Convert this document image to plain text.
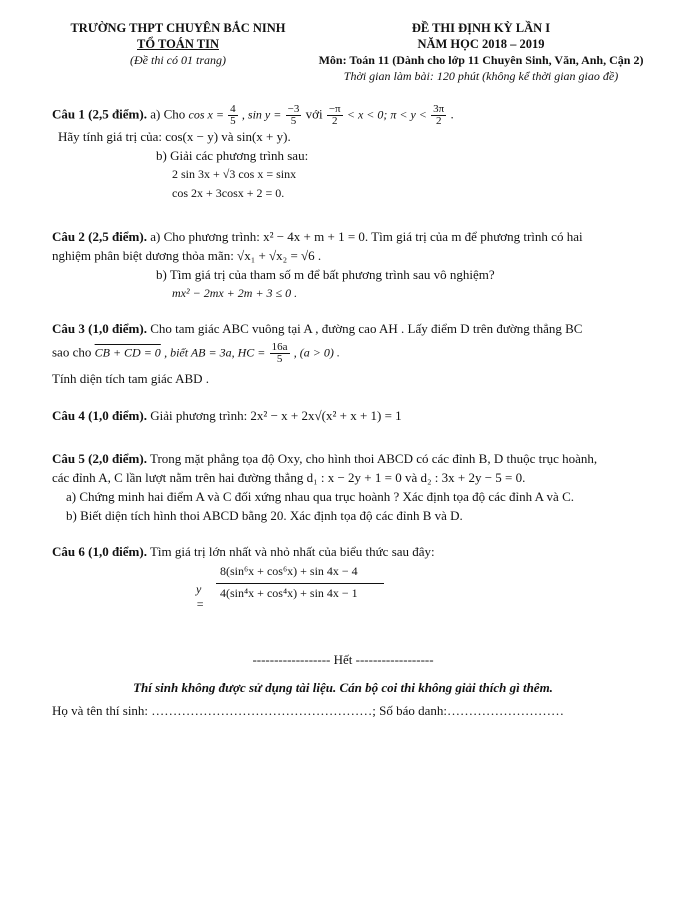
TRƯỜNG THPT CHUYÊN BẮC NINH
TỔ TOÁN TIN
(Đề thi có 01 trang)
ĐỀ THI ĐỊNH KỲ LẦN I
NĂM HỌC 2018 – 2019
Môn: Toán 11 (Dành cho lớp 11 Chuyên Sinh, Văn, Anh, Cận 2)
Thời gian làm bài: 120 phút (không kể thời gian giao đề)
Câu 1 (2,5 điểm). a) Cho $\cos x = \frac{4}{5}$ , $\sin y = \frac{-3}{5}$ với $\frac{-\pi}{2} < x < 0$; $\pi < y < \frac{3\pi}{2}$ .
Hãy tính giá trị của: cos(x − y) và sin(x + y).
b) Giải các phương trình sau:
2 sin 3x + √3 cos x = sinx
cos 2x + 3cosx + 2 = 0.
Câu 2 (2,5 điểm). a) Cho phương trình: x² − 4x + m + 1 = 0. Tìm giá trị của m để phương trình có hai
nghiệm phân biệt dương thỏa mãn: √x₁ + √x₂ = √6 .
b) Tìm giá trị của tham số m để bất phương trình sau vô nghiệm?
mx² − 2mx + 2m + 3 ≤ 0 .
Câu 3 (1,0 điểm). Cho tam giác ABC vuông tại A , đường cao AH . Lấy điểm D trên đường thẳng BC
sao cho CB + CD = 0 , biết AB = 3a, HC = $\frac{16a}{5}$ , (a > 0) .
Tính diện tích tam giác ABD .
Câu 4 (1,0 điểm). Giải phương trình: 2x² − x + 2x√(x² + x + 1) = 1
Câu 5 (2,0 điểm). Trong mặt phẳng tọa độ Oxy, cho hình thoi ABCD có các đỉnh B, D thuộc trục hoành,
các đỉnh A, C lần lượt nằm trên hai đường thẳng d₁ : x − 2y + 1 = 0 và d₂ : 3x + 2y − 5 = 0.
a) Chứng minh hai điểm A và C đối xứng nhau qua trục hoành ? Xác định tọa độ các đỉnh A và C.
b) Biết diện tích hình thoi ABCD bằng 20. Xác định tọa độ các đỉnh B và D.
Câu 6 (1,0 điểm). Tìm giá trị lớn nhất và nhỏ nhất của biểu thức sau đây:
y =
8(sin⁶x + cos⁶x) + sin 4x − 4
4(sin⁴x + cos⁴x) + sin 4x − 1
------------------ Hết ------------------
Thí sinh không được sử dụng tài liệu. Cán bộ coi thi không giải thích gì thêm.
Họ và tên thí sinh: ……………………………………………; Số báo danh:………………………
